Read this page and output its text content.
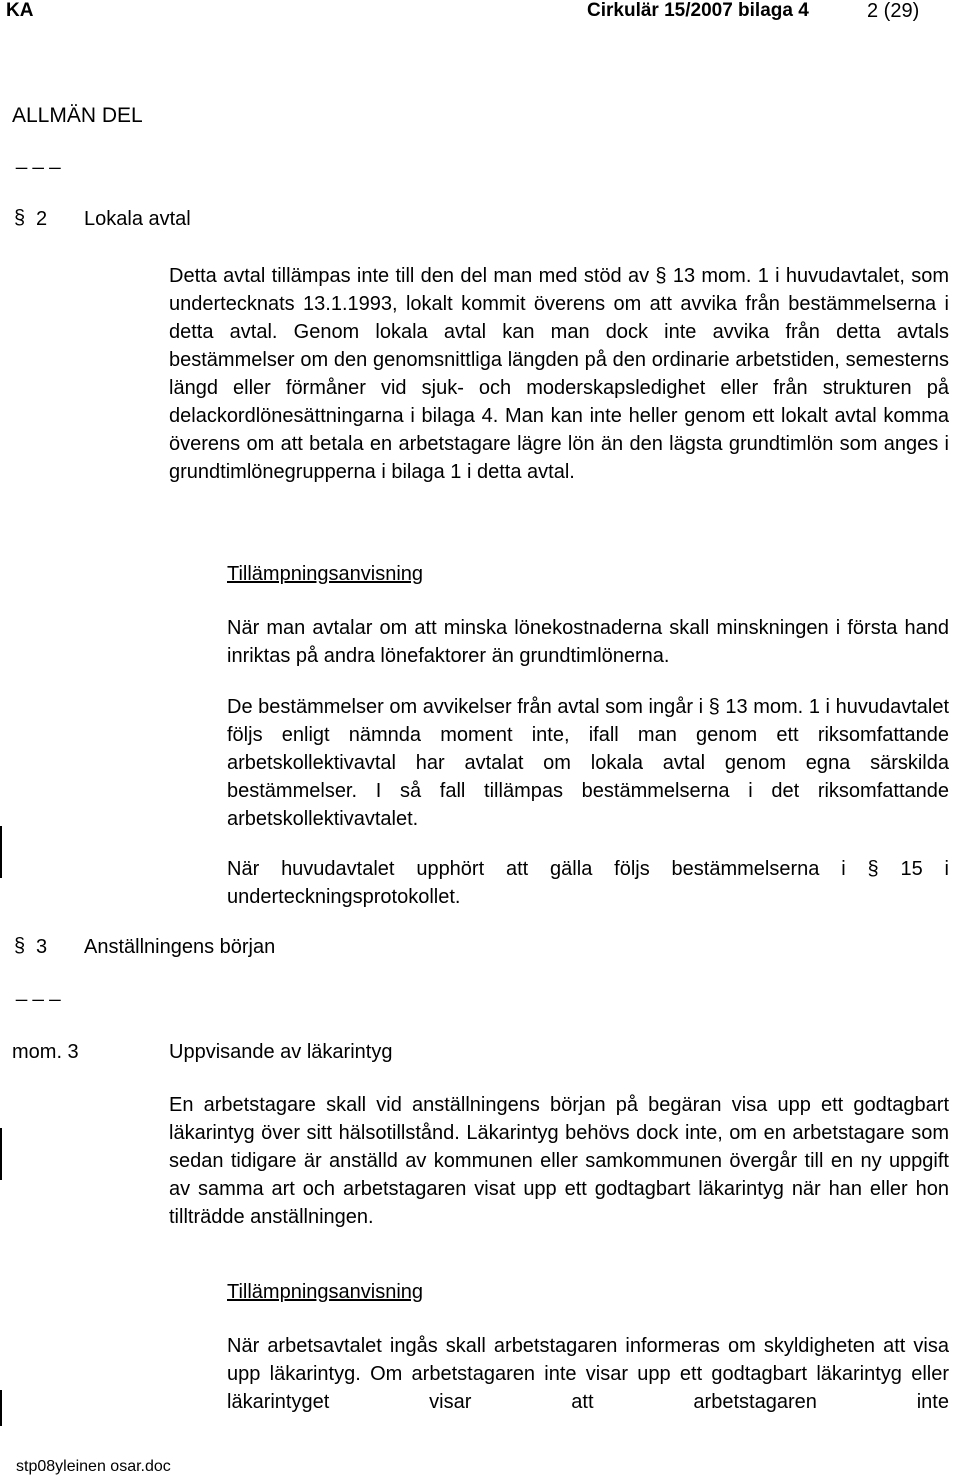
KA	Cirkulär 15/2007 bilaga 4	2 (29)
ALLMÄN DEL
_ _ _
§ 2 Lokala avtal
Detta avtal tillämpas inte till den del man med stöd av § 13 mom. 1 i huvudavtalet, som undertecknats 13.1.1993, lokalt kommit överens om att avvika från bestämmelserna i detta avtal. Genom lokala avtal kan man dock inte avvika från detta avtals bestämmelser om den genomsnittliga längden på den ordinarie arbetstiden, semesterns längd eller förmåner vid sjuk- och moderskapsledighet eller från strukturen på delackordlönesättningarna i bilaga 4. Man kan inte heller genom ett lokalt avtal komma överens om att betala en arbetstagare lägre lön än den lägsta grundtimlön som anges i grundtimlönegrupperna i bilaga 1 i detta avtal.
Tillämpningsanvisning
När man avtalar om att minska lönekostnaderna skall minskningen i första hand inriktas på andra lönefaktorer än grundtimlönerna.
De bestämmelser om avvikelser från avtal som ingår i § 13 mom. 1 i huvudavtalet följs enligt nämnda moment inte, ifall man genom ett riksomfattande arbetskollektivavtal har avtalat om lokala avtal genom egna särskilda bestämmelser. I så fall tillämpas bestämmelserna i det riksomfattande arbetskollektivavtalet.
När huvudavtalet upphört att gälla följs bestämmelserna i § 15 i underteckningsprotokollet.
§ 3 Anställningens början
_ _ _
mom. 3	Uppvisande av läkarintyg
En arbetstagare skall vid anställningens början på begäran visa upp ett godtagbart läkarintyg över sitt hälsotillstånd. Läkarintyg behövs dock inte, om en arbetstagare som sedan tidigare är anställd av kommunen eller samkommunen övergår till en ny uppgift av samma art och arbetstagaren visat upp ett godtagbart läkarintyg när han eller hon tillträdde anställningen.
Tillämpningsanvisning
När arbetsavtalet ingås skall arbetstagaren informeras om skyldigheten att visa upp läkarintyg. Om arbetstagaren inte visar upp ett godtagbart läkarintyg eller läkarintyget visar att arbetstagaren inte
stp08yleinen osar.doc
